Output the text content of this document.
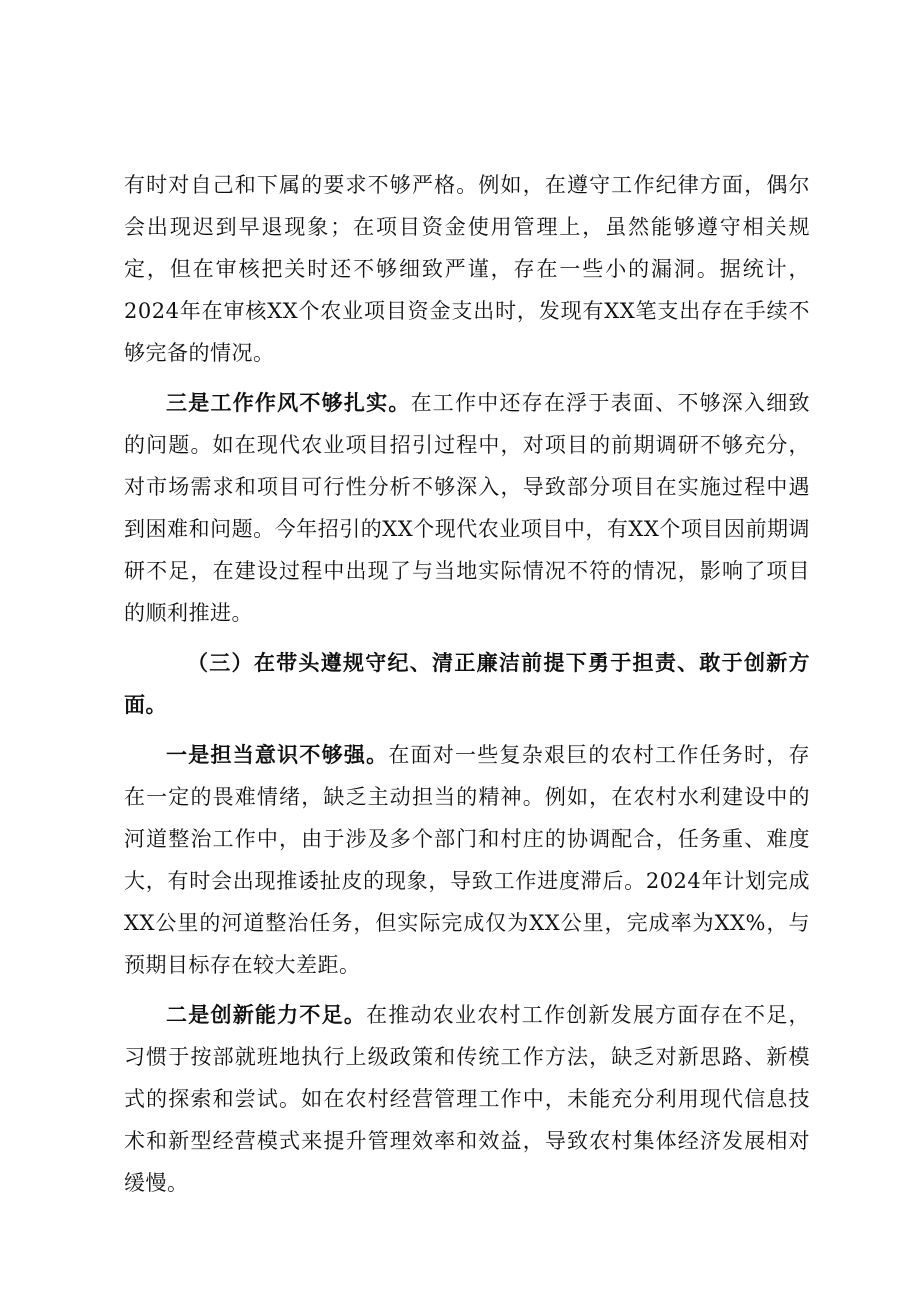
有时对自己和下属的要求不够严格。例如，在遵守工作纪律方面，偶尔会出现迟到早退现象；在项目资金使用管理上，虽然能够遵守相关规定，但在审核把关时还不够细致严谨，存在一些小的漏洞。据统计，2024年在审核XX个农业项目资金支出时，发现有XX笔支出存在手续不够完备的情况。

三是工作作风不够扎实。在工作中还存在浮于表面、不够深入细致的问题。如在现代农业项目招引过程中，对项目的前期调研不够充分，对市场需求和项目可行性分析不够深入，导致部分项目在实施过程中遇到困难和问题。今年招引的XX个现代农业项目中，有XX个项目因前期调研不足，在建设过程中出现了与当地实际情况不符的情况，影响了项目的顺利推进。

（三）在带头遵规守纪、清正廉洁前提下勇于担责、敢于创新方面。

一是担当意识不够强。在面对一些复杂艰巨的农村工作任务时，存在一定的畏难情绪，缺乏主动担当的精神。例如，在农村水利建设中的河道整治工作中，由于涉及多个部门和村庄的协调配合，任务重、难度大，有时会出现推诿扯皮的现象，导致工作进度滞后。2024年计划完成XX公里的河道整治任务，但实际完成仅为XX公里，完成率为XX%，与预期目标存在较大差距。

二是创新能力不足。在推动农业农村工作创新发展方面存在不足，习惯于按部就班地执行上级政策和传统工作方法，缺乏对新思路、新模式的探索和尝试。如在农村经营管理工作中，未能充分利用现代信息技术和新型经营模式来提升管理效率和效益，导致农村集体经济发展相对缓慢。
